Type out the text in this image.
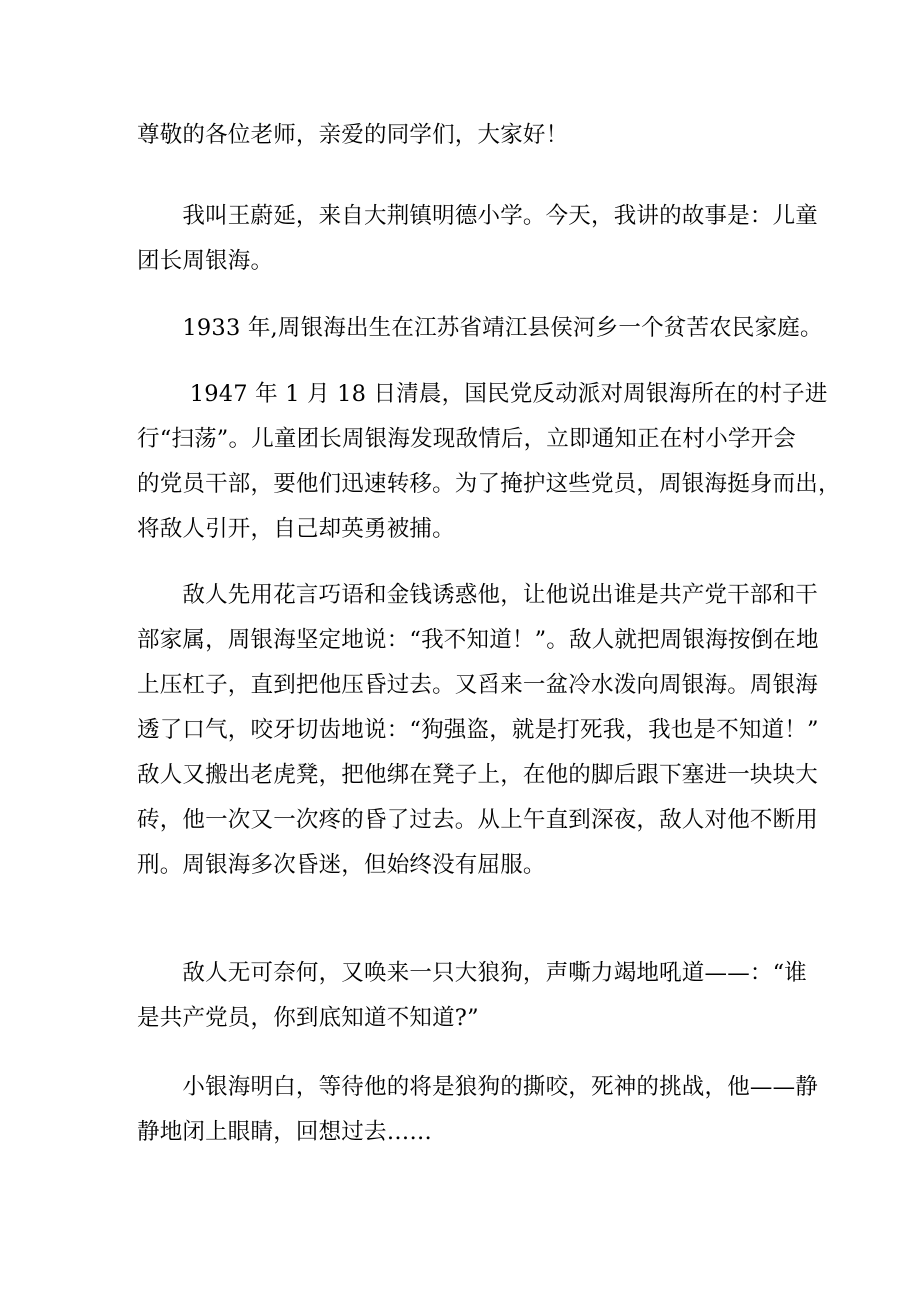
尊敬的各位老师，亲爱的同学们，大家好！

　　我叫王蔚延，来自大荆镇明德小学。今天，我讲的故事是：儿童
团长周银海。

　　1933 年,周银海出生在江苏省靖江县侯河乡一个贫苦农民家庭。

　　 1947 年 1 月 18 日清晨，国民党反动派对周银海所在的村子进
行“扫荡”。儿童团长周银海发现敌情后，立即通知正在村小学开会
的党员干部，要他们迅速转移。为了掩护这些党员，周银海挺身而出，
将敌人引开，自己却英勇被捕。

　　敌人先用花言巧语和金钱诱惑他，让他说出谁是共产党干部和干
部家属，周银海坚定地说：“我不知道！”。敌人就把周银海按倒在地
上压杠子，直到把他压昏过去。又舀来一盆冷水泼向周银海。周银海
透了口气，咬牙切齿地说：“狗强盗，就是打死我，我也是不知道！”
敌人又搬出老虎凳，把他绑在凳子上，在他的脚后跟下塞进一块块大
砖，他一次又一次疼的昏了过去。从上午直到深夜，敌人对他不断用
刑。周银海多次昏迷，但始终没有屈服。

　　敌人无可奈何，又唤来一只大狼狗，声嘶力竭地吼道——：“谁
是共产党员，你到底知道不知道?”

　　小银海明白，等待他的将是狼狗的撕咬，死神的挑战，他——静
静地闭上眼睛，回想过去……
